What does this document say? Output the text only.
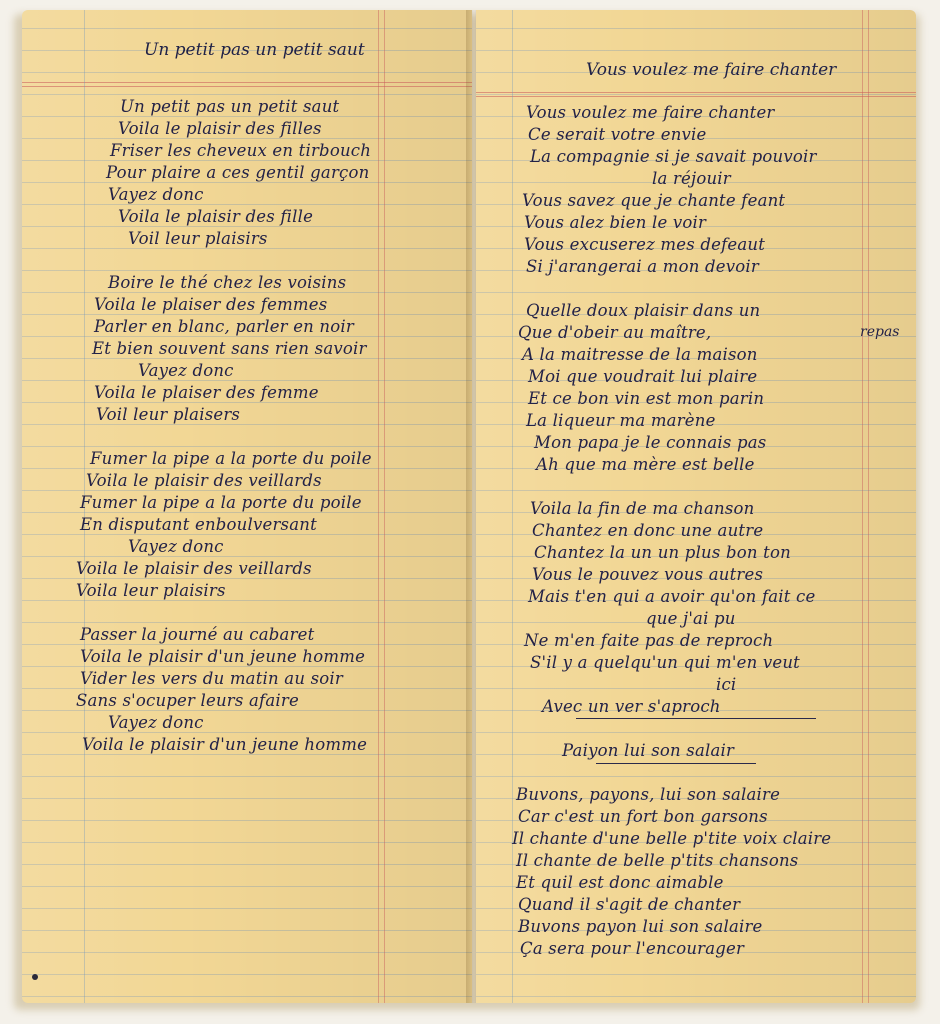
Un petit pas un petit saut
Un petit pas un petit saut
Voila le plaisir des filles
Friser les cheveux en tirbouch
Pour plaire a ces gentil garçon
Vayez donc
Voila le plaisir des fille
Voil leur plaisirs
Boire le thé chez les voisins
Voila le plaiser des femmes
Parler en blanc, parler en noir
Et bien souvent sans rien savoir
Vayez donc
Voila le plaiser des femme
Voil leur plaisers
Fumer la pipe a la porte du poile
Voila le plaisir des veillards
Fumer la pipe a la porte du poile
En disputant enboulversant
Vayez donc
Voila le plaisir des veillards
Voila leur plaisirs
Passer la journé au cabaret
Voila le plaisir d'un jeune homme
Vider les vers du matin au soir
Sans s'ocuper leurs afaire
Vayez donc
Voila le plaisir d'un jeune homme
Vous voulez me faire chanter
Vous voulez me faire chanter
Ce serait votre envie
La compagnie si je savait pouvoir
la réjouir
Vous savez que je chante feant
Vous alez bien le voir
Vous excuserez mes defeaut
Si j'arangerai a mon devoir
Quelle doux plaisir dans un
Que d'obeir au maître,
A la maitresse de la maison
Moi que voudrait lui plaire
Et ce bon vin est mon parin
La liqueur ma marène
Mon papa je le connais pas
Ah que ma mère est belle
Voila la fin de ma chanson
Chantez en donc une autre
Chantez la un un plus bon ton
Vous le pouvez vous autres
Mais t'en qui a avoir qu'on fait ce
que j'ai pu
Ne m'en faite pas de reproch
S'il y a quelqu'un qui m'en veut
ici
Avec un ver s'aproch
Paiyon lui son salair
Buvons, payons, lui son salaire
Car c'est un fort bon garsons
Il chante d'une belle p'tite voix claire
Il chante de belle p'tits chansons
Et quil est donc aimable
Quand il s'agit de chanter
Buvons payon lui son salaire
Ça sera pour l'encourager
repas
